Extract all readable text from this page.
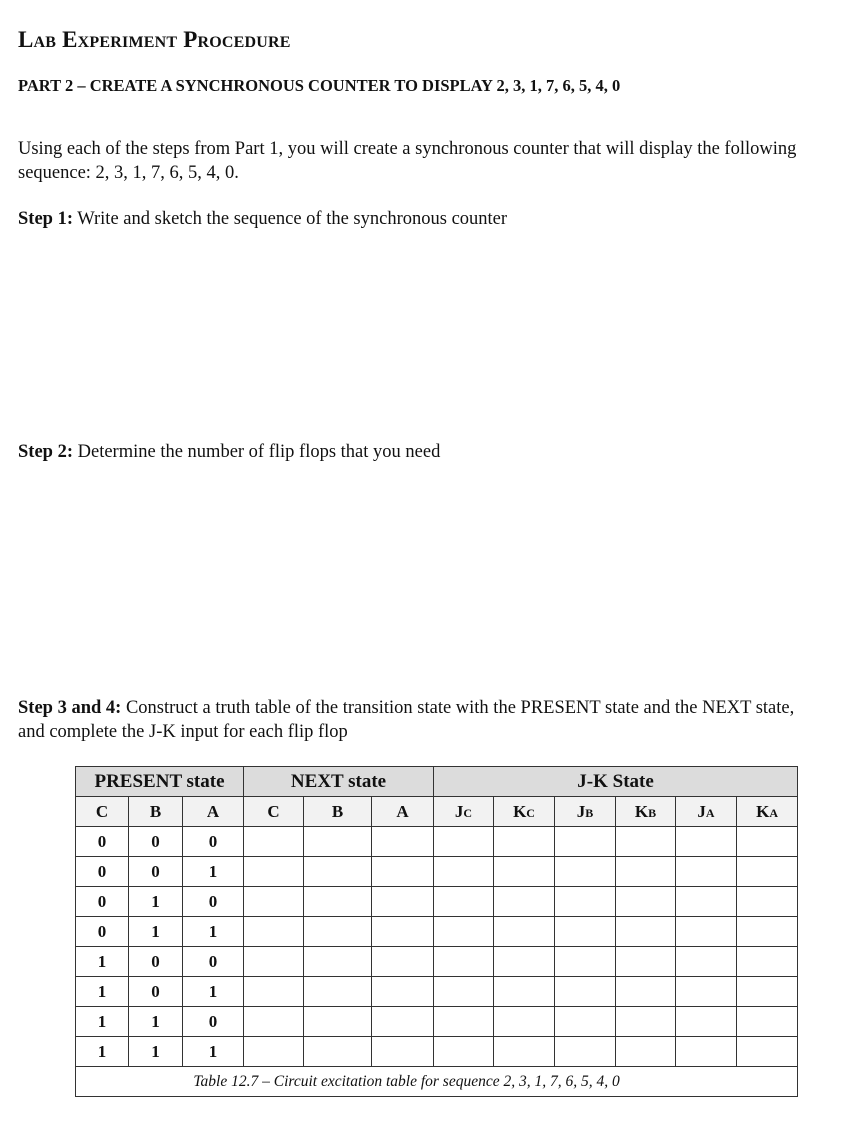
Lab Experiment Procedure
PART 2 – CREATE A SYNCHRONOUS COUNTER TO DISPLAY 2, 3, 1, 7, 6, 5, 4, 0

Using each of the steps from Part 1, you will create a synchronous counter that will display the following sequence: 2, 3, 1, 7, 6, 5, 4, 0.

Step 1: Write and sketch the sequence of the synchronous counter

Step 2: Determine the number of flip flops that you need

Step 3 and 4: Construct a truth table of the transition state with the PRESENT state and the NEXT state, and complete the J-K input for each flip flop

PRESENT state			NEXT state			J-K State					
C	B	A	C	B	A	JC	KC	JB	KB	JA	KA
0	0	0									
0	0	1									
0	1	0									
0	1	1									
1	0	0									
1	0	1									
1	1	0									
1	1	1									
Table 12.7 – Circuit excitation table for sequence 2, 3, 1, 7, 6, 5, 4, 0											
